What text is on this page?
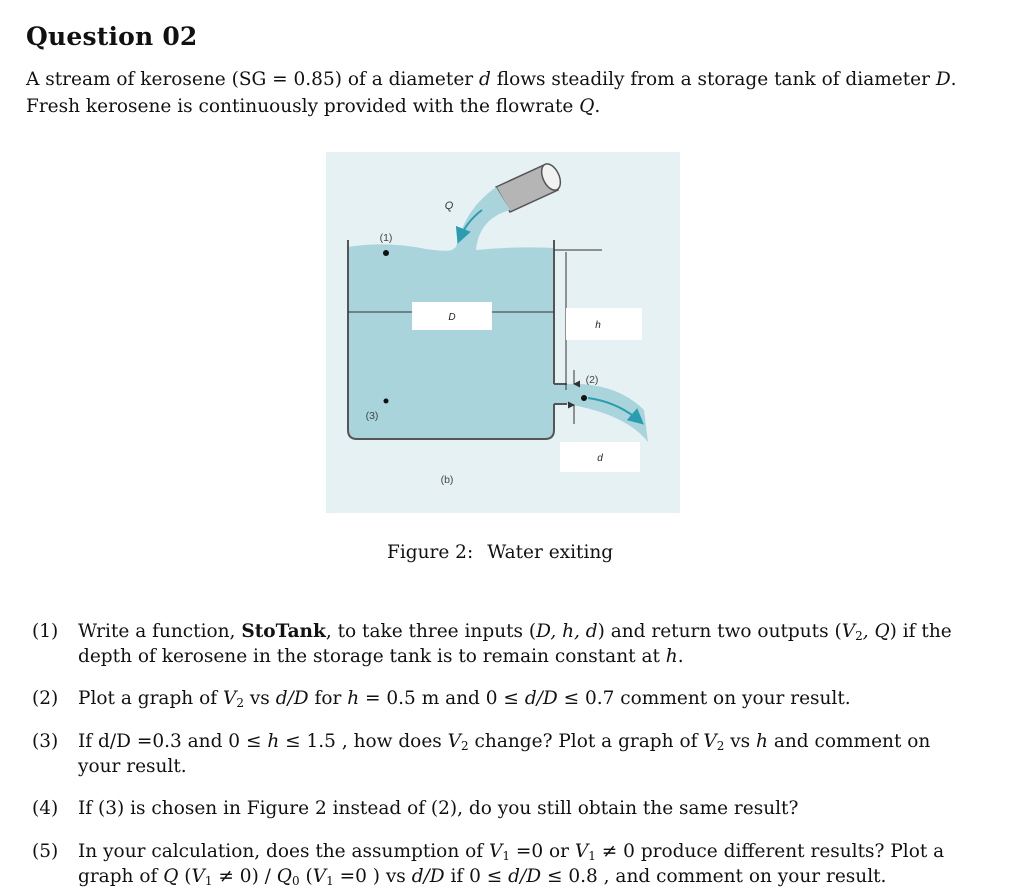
Question 02
A stream of kerosene (SG = 0.85) of a diameter d flows steadily from a storage tank of diameter D.
Fresh kerosene is continuously provided with the flowrate Q.
D
h
d
Q
(1)
(2)
(3)
(b)
Figure 2: Water exiting
(1) Write a function, StoTank, to take three inputs (D, h, d) and return two outputs ($V_2$, Q) if the
depth of kerosene in the storage tank is to remain constant at h.
(2) Plot a graph of $V_2$ vs d/D for h = 0.5 m and 0 ≤ d/D ≤ 0.7 comment on your result.
(3) If d/D =0.3 and 0 ≤ h ≤ 1.5 , how does $V_2$ change? Plot a graph of $V_2$ vs h and comment on
your result.
(4) If (3) is chosen in Figure 2 instead of (2), do you still obtain the same result?
(5) In your calculation, does the assumption of $V_1 =0$ or $V_1 \ne 0$ produce different results? Plot a
graph of Q $(V_1 \ne 0) / Q_0$ ($V_1 =0$ ) vs d/D if 0 ≤ d/D ≤ 0.8 , and comment on your result.
